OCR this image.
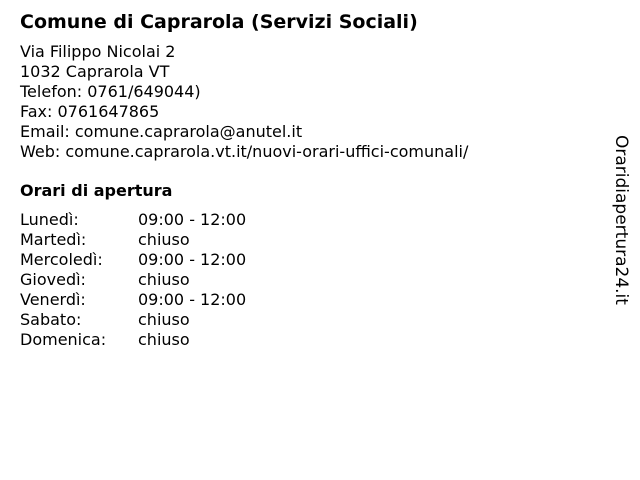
Comune di Caprarola (Servizi Sociali)
Via Filippo Nicolai 2
1032 Caprarola VT
Telefon: 0761/649044)
Fax: 0761647865
Email: comune.caprarola@anutel.it
Web: comune.caprarola.vt.it/nuovi-orari-uffici-comunali/
Orari di apertura
Lunedì:	09:00 - 12:00
Martedì:	chiuso
Mercoledì: 09:00 - 12:00
Giovedì:	chiuso
Venerdì:	09:00 - 12:00
Sabato:	chiuso
Domenica: chiuso
Oraridiapertura24.it
